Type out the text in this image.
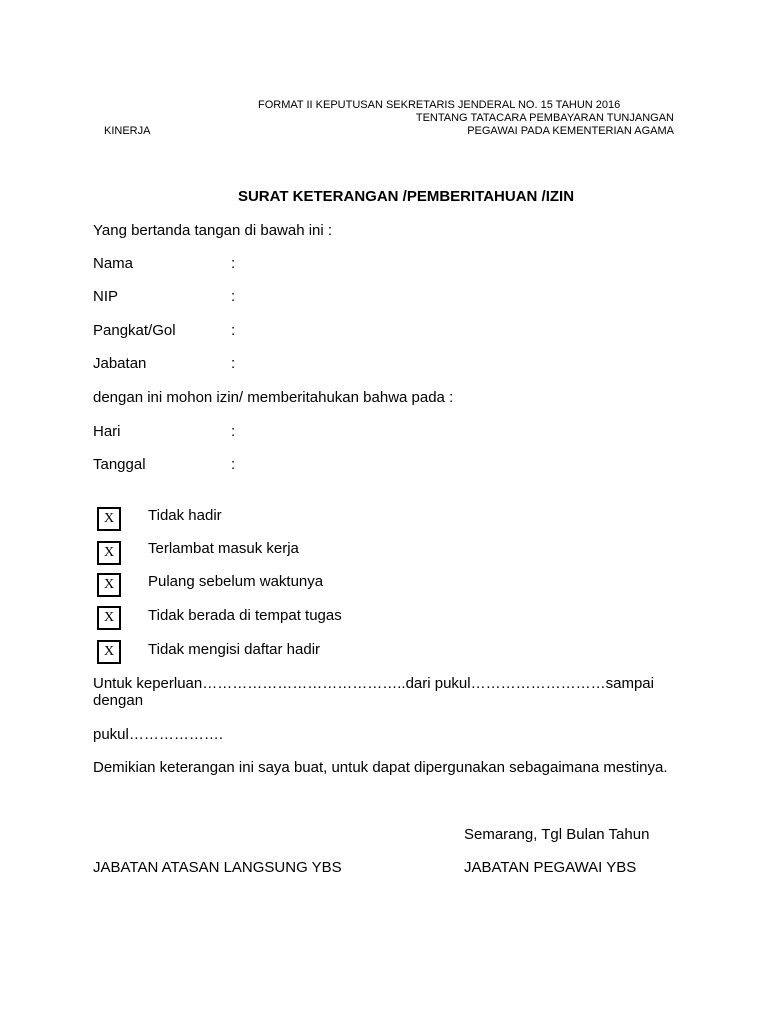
FORMAT II KEPUTUSAN SEKRETARIS JENDERAL NO. 15 TAHUN 2016
TENTANG TATACARA PEMBAYARAN TUNJANGAN
KINERJA	PEGAWAI PADA KEMENTERIAN AGAMA
SURAT KETERANGAN /PEMBERITAHUAN /IZIN
Yang bertanda tangan di bawah ini :
Nama	:
NIP	:
Pangkat/Gol	:
Jabatan	:
dengan ini mohon izin/ memberitahukan bahwa pada :
Hari	:
Tanggal	:
X	Tidak hadir
X	Terlambat masuk kerja
X	Pulang sebelum waktunya
X	Tidak berada di tempat tugas
X	Tidak mengisi daftar hadir
Untuk keperluan…………………………………..dari pukul………………………sampai dengan
pukul……………….
Demikian keterangan ini saya buat, untuk dapat dipergunakan sebagaimana mestinya.
Semarang, Tgl Bulan Tahun
JABATAN ATASAN LANGSUNG YBS	JABATAN PEGAWAI YBS
